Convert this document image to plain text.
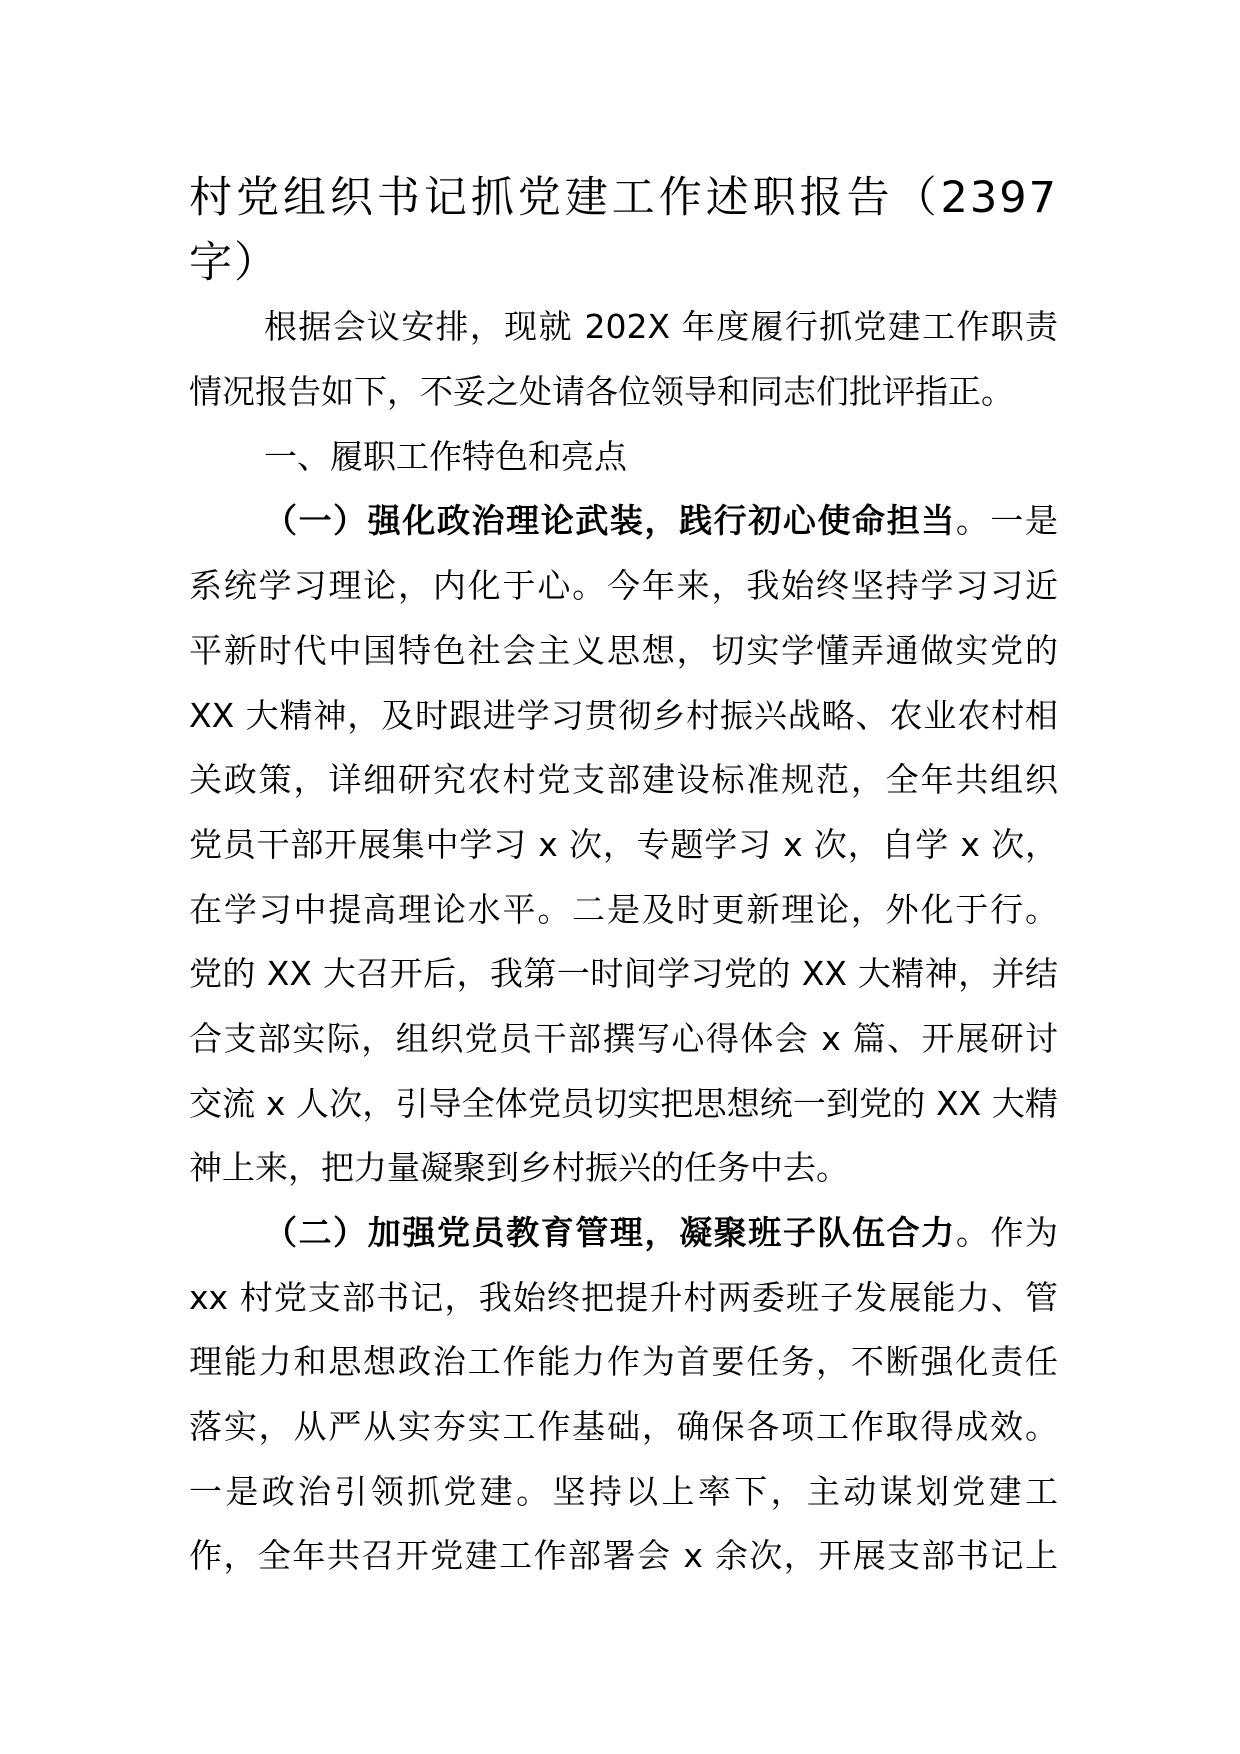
村党组织书记抓党建工作述职报告（2397
字）
根据会议安排，现就 202X 年度履行抓党建工作职责
情况报告如下，不妥之处请各位领导和同志们批评指正。
一、履职工作特色和亮点
（一）强化政治理论武装，践行初心使命担当。一是
系统学习理论，内化于心。今年来，我始终坚持学习习近
平新时代中国特色社会主义思想，切实学懂弄通做实党的
XX 大精神，及时跟进学习贯彻乡村振兴战略、农业农村相
关政策，详细研究农村党支部建设标准规范，全年共组织
党员干部开展集中学习 x 次，专题学习 x 次，自学 x 次，
在学习中提高理论水平。二是及时更新理论，外化于行。
党的 XX 大召开后，我第一时间学习党的 XX 大精神，并结
合支部实际，组织党员干部撰写心得体会 x 篇、开展研讨
交流 x 人次，引导全体党员切实把思想统一到党的 XX 大精
神上来，把力量凝聚到乡村振兴的任务中去。
（二）加强党员教育管理，凝聚班子队伍合力。作为
xx 村党支部书记，我始终把提升村两委班子发展能力、管
理能力和思想政治工作能力作为首要任务，不断强化责任
落实，从严从实夯实工作基础，确保各项工作取得成效。
一是政治引领抓党建。坚持以上率下，主动谋划党建工
作，全年共召开党建工作部署会 x 余次，开展支部书记上
